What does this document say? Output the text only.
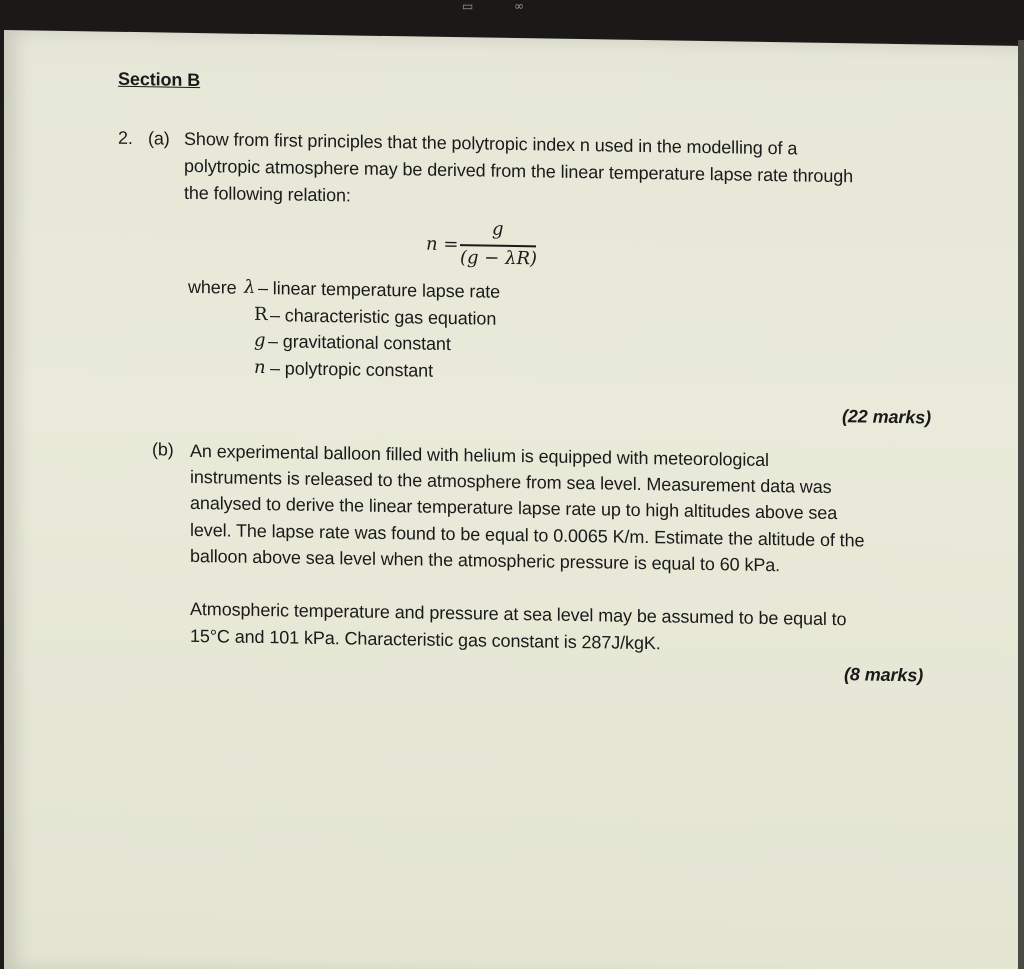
▭	∞
Section B
2. (a) Show from first principles that the polytropic index n used in the modelling of a
polytropic atmosphere may be derived from the linear temperature lapse rate through
the following relation:
n =
g
(g − λR)
where λ – linear temperature lapse rate
R – characteristic gas equation
g – gravitational constant
n – polytropic constant
(22 marks)
(b) An experimental balloon filled with helium is equipped with meteorological
instruments is released to the atmosphere from sea level. Measurement data was
analysed to derive the linear temperature lapse rate up to high altitudes above sea
level. The lapse rate was found to be equal to 0.0065 K/m. Estimate the altitude of the
balloon above sea level when the atmospheric pressure is equal to 60 kPa.
Atmospheric temperature and pressure at sea level may be assumed to be equal to
15°C and 101 kPa. Characteristic gas constant is 287J/kgK.
(8 marks)
